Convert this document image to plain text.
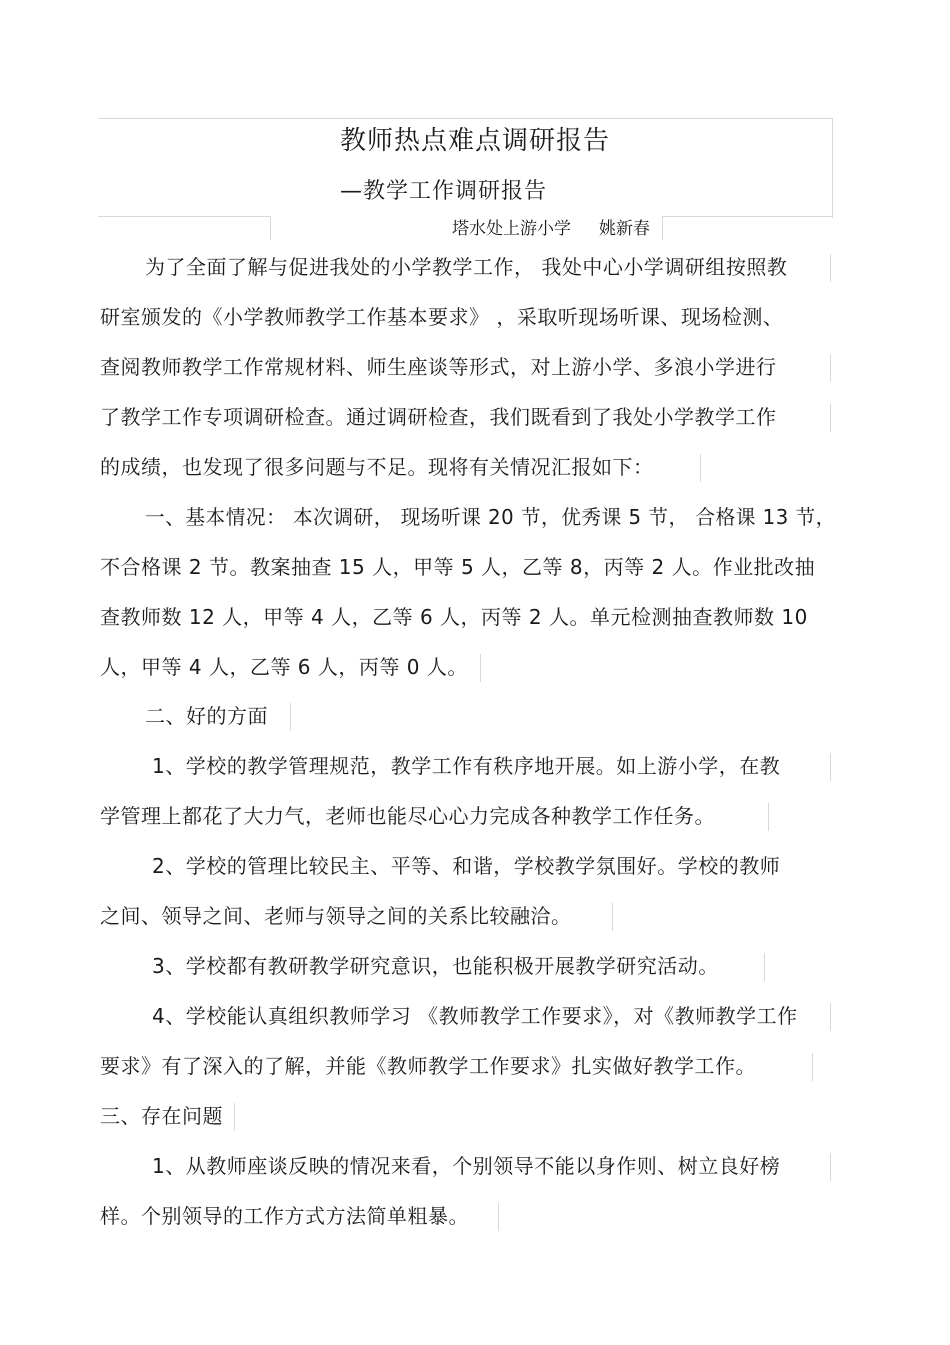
教师热点难点调研报告
—教学工作调研报告
塔水处上游小学 姚新春
为了全面了解与促进我处的小学教学工作， 我处中心小学调研组按照教
研室颁发的《小学教师教学工作基本要求》 ，采取听现场听课、现场检测、
查阅教师教学工作常规材料、师生座谈等形式，对上游小学、多浪小学进行
了教学工作专项调研检查。通过调研检查，我们既看到了我处小学教学工作
的成绩，也发现了很多问题与不足。现将有关情况汇报如下：
一、基本情况： 本次调研， 现场听课 20 节，优秀课 5 节， 合格课 13 节，
不合格课 2 节。教案抽查 15 人，甲等 5 人，乙等 8，丙等 2 人。作业批改抽
查教师数 12 人，甲等 4 人，乙等 6 人，丙等 2 人。单元检测抽查教师数 10
人，甲等 4 人，乙等 6 人，丙等 0 人。
二、好的方面
1、学校的教学管理规范，教学工作有秩序地开展。如上游小学，在教
学管理上都花了大力气，老师也能尽心心力完成各种教学工作任务。
2、学校的管理比较民主、平等、和谐，学校教学氛围好。学校的教师
之间、领导之间、老师与领导之间的关系比较融洽。
3、学校都有教研教学研究意识，也能积极开展教学研究活动。
4、学校能认真组织教师学习 《教师教学工作要求》，对《教师教学工作
要求》有了深入的了解，并能《教师教学工作要求》扎实做好教学工作。
三、存在问题
1、从教师座谈反映的情况来看，个别领导不能以身作则、树立良好榜
样。个别领导的工作方式方法简单粗暴。
